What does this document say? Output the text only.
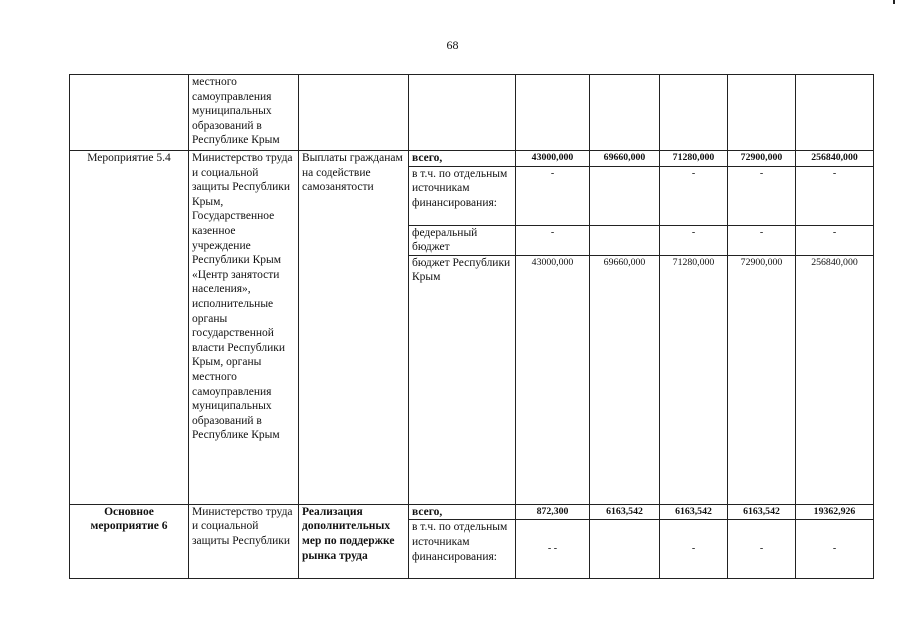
68
	местного самоуправления муниципальных образований в Республике Крым							
Мероприятие 5.4	Министерство труда и социальной защиты Республики Крым, Государственное казенное учреждение Республики Крым «Центр занятости населения», исполнительные органы государственной власти Республики Крым, органы местного самоуправления муниципальных образований в Республике Крым	Выплаты гражданам на содействие самозанятости	всего,	43000,000	69660,000	71280,000	72900,000	256840,000
			в т.ч. по отдельным источникам финансирования:	-		-	-	-
			федеральный бюджет	-		-	-	-
			бюджет Республики Крым	43000,000	69660,000	71280,000	72900,000	256840,000
Основное мероприятие 6	Министерство труда и социальной защиты Республики	Реализация дополнительных мер по поддержке рынка труда	всего,	872,300	6163,542	6163,542	6163,542	19362,926
			в т.ч. по отдельным источникам финансирования:	- -		-	-	-
